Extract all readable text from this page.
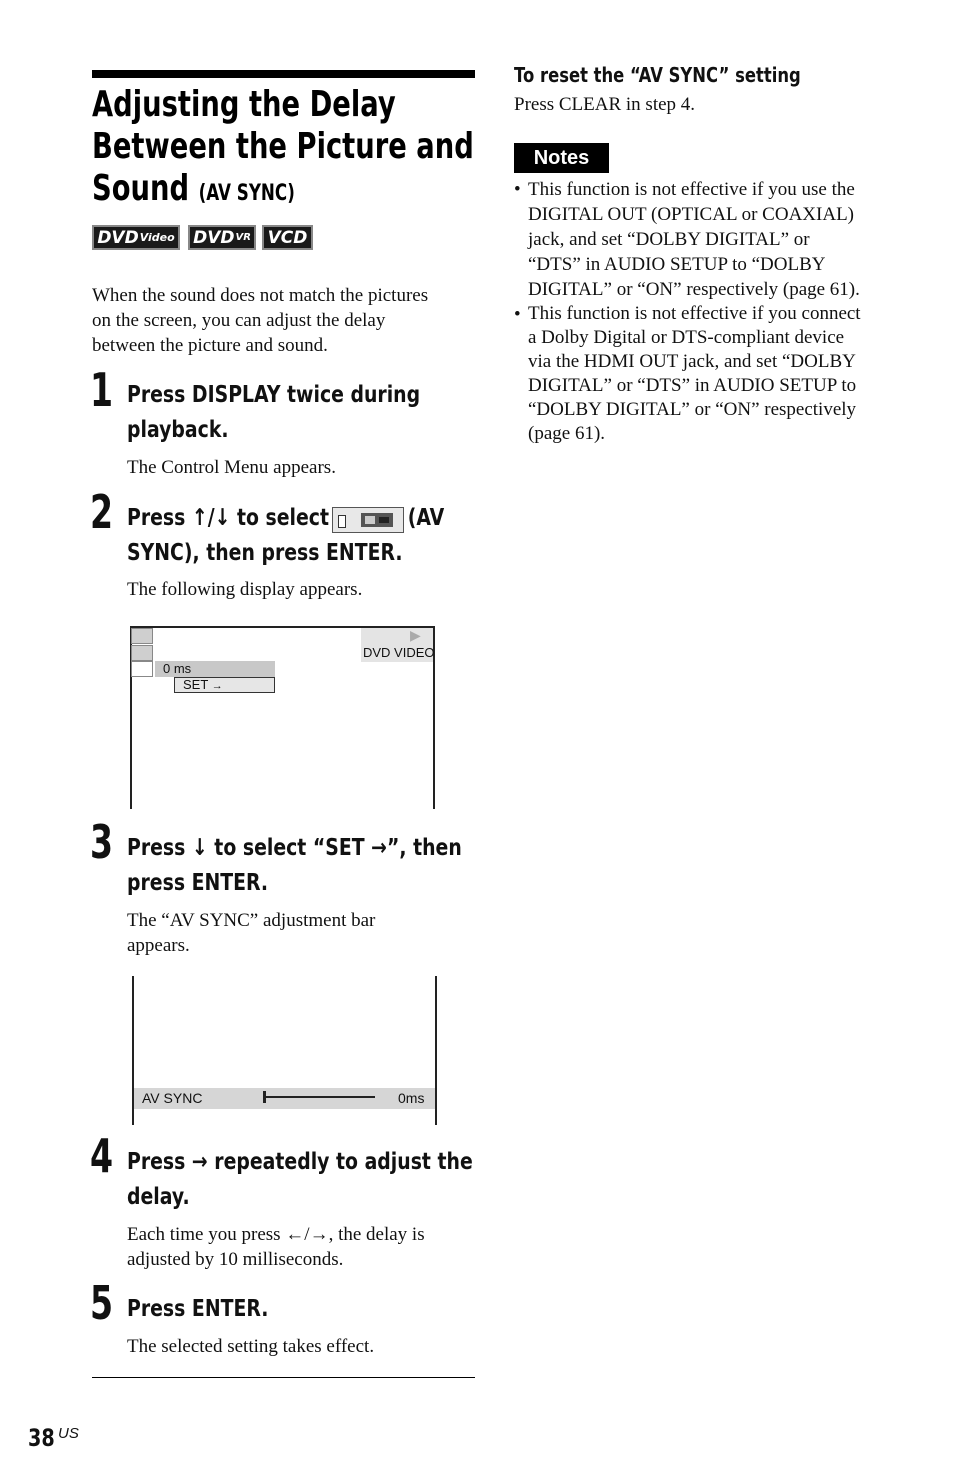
Adjusting the Delay
Between the Picture and
Sound (AV SYNC)
DVD Video DVD VR VCD
When the sound does not match the pictures
on the screen, you can adjust the delay
between the picture and sound.
1 Press DISPLAY twice during
playback.
The Control Menu appears.
2 Press ↑/↓ to select	(AV
SYNC), then press ENTER.
The following display appears.
0 ms
SET →
▶
DVD VIDEO
3 Press ↓ to select “SET →”, then
press ENTER.
The “AV SYNC” adjustment bar
appears.
AV SYNC	0ms
4 Press → repeatedly to adjust the
delay.
Each time you press ←/→, the delay is
adjusted by 10 milliseconds.
5 Press ENTER.
The selected setting takes effect.
To reset the “AV SYNC” setting
Press CLEAR in step 4.
Notes
• This function is not effective if you use the
DIGITAL OUT (OPTICAL or COAXIAL)
jack, and set “DOLBY DIGITAL” or
“DTS” in AUDIO SETUP to “DOLBY
DIGITAL” or “ON” respectively (page 61).
• This function is not effective if you connect
a Dolby Digital or DTS-compliant device
via the HDMI OUT jack, and set “DOLBY
DIGITAL” or “DTS” in AUDIO SETUP to
“DOLBY DIGITAL” or “ON” respectively
(page 61).
38 US
